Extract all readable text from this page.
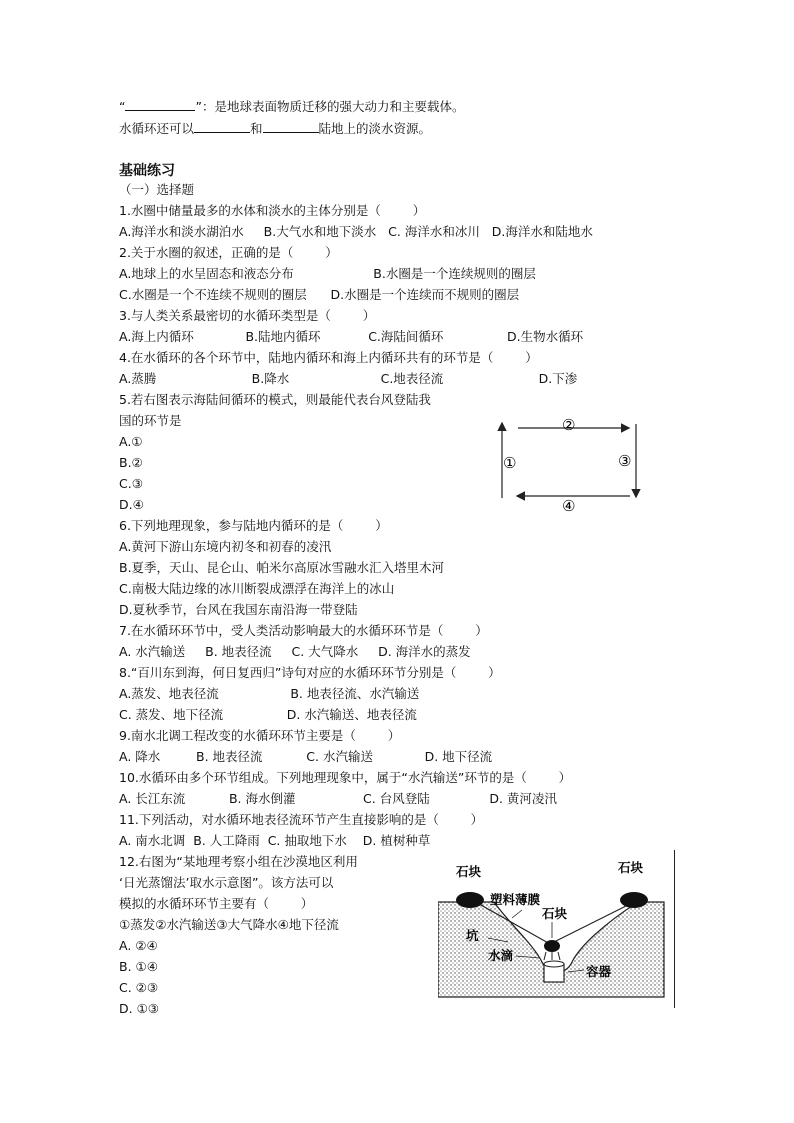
“	”：是地球表面物质迁移的强大动力和主要载体。
水循环还可以	和	陆地上的淡水资源。
基础练习
（一）选择题
1.水圈中储量最多的水体和淡水的主体分别是（        ）
A.海洋水和淡水湖泊水     B.大气水和地下淡水   C. 海洋水和冰川   D.海洋水和陆地水
2.关于水圈的叙述，正确的是（        ）
A.地球上的水呈固态和液态分布                    B.水圈是一个连续规则的圈层
C.水圈是一个不连续不规则的圈层      D.水圈是一个连续而不规则的圈层
3.与人类关系最密切的水循环类型是（        ）
A.海上内循环             B.陆地内循环            C.海陆间循环                D.生物水循环
4.在水循环的各个环节中，陆地内循环和海上内循环共有的环节是（        ）
A.蒸腾                        B.降水                       C.地表径流                        D.下渗
5.若右图表示海陆间循环的模式，则最能代表台风登陆我
国的环节是
A.①
B.②
C.③
D.④
6.下列地理现象，参与陆地内循环的是（        ）
A.黄河下游山东境内初冬和初春的凌汛
B.夏季，天山、昆仑山、帕米尔高原冰雪融水汇入塔里木河
C.南极大陆边缘的冰川断裂成漂浮在海洋上的冰山
D.夏秋季节，台风在我国东南沿海一带登陆
7.在水循环环节中，受人类活动影响最大的水循环环节是（        ）
A. 水汽输送     B. 地表径流     C. 大气降水     D. 海洋水的蒸发
8.“百川东到海，何日复西归”诗句对应的水循环环节分别是（        ）
A.蒸发、地表径流                  B. 地表径流、水汽输送
C. 蒸发、地下径流                D. 水汽输送、地表径流
9.南水北调工程改变的水循环环节主要是（        ）
A. 降水         B. 地表径流           C. 水汽输送             D. 地下径流
10.水循环由多个环节组成。下列地理现象中，属于“水汽输送”环节的是（        ）
A. 长江东流           B. 海水倒灌                 C. 台风登陆               D. 黄河凌汛
11.下列活动，对水循环地表径流环节产生直接影响的是（        ）
A. 南水北调  B. 人工降雨  C. 抽取地下水    D. 植树种草
12.右图为“某地理考察小组在沙漠地区利用
‘日光蒸馏法’取水示意图”。该方法可以
模拟的水循环环节主要有（        ）
①蒸发②水汽输送③大气降水④地下径流
A. ②④
B. ①④
C. ②③
D. ①③
②
①	③
④
石块	石块
塑料薄膜
石块
坑
水滴
容器
